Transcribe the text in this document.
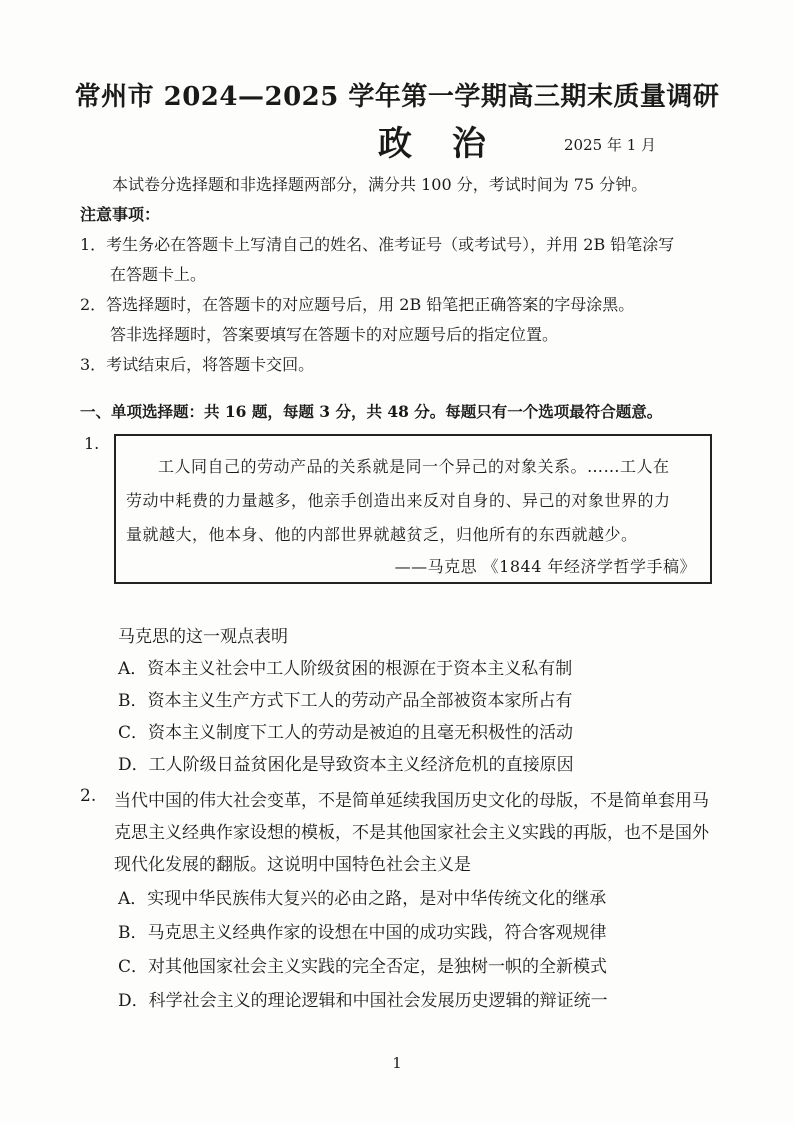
常州市 2024—2025 学年第一学期高三期末质量调研
政 治	2025 年 1 月
本试卷分选择题和非选择题两部分，满分共 100 分，考试时间为 75 分钟。
注意事项：
1．考生务必在答题卡上写清自己的姓名、准考证号（或考试号），并用 2B 铅笔涂写
在答题卡上。
2．答选择题时，在答题卡的对应题号后，用 2B 铅笔把正确答案的字母涂黑。
答非选择题时，答案要填写在答题卡的对应题号后的指定位置。
3．考试结束后，将答题卡交回。
一、单项选择题：共 16 题，每题 3 分，共 48 分。每题只有一个选项最符合题意。
1.
工人同自己的劳动产品的关系就是同一个异己的对象关系。……工人在
劳动中耗费的力量越多，他亲手创造出来反对自身的、异己的对象世界的力
量就越大，他本身、他的内部世界就越贫乏，归他所有的东西就越少。
——马克思 《1844 年经济学哲学手稿》
马克思的这一观点表明
A．资本主义社会中工人阶级贫困的根源在于资本主义私有制
B．资本主义生产方式下工人的劳动产品全部被资本家所占有
C．资本主义制度下工人的劳动是被迫的且毫无积极性的活动
D．工人阶级日益贫困化是导致资本主义经济危机的直接原因
2. 当代中国的伟大社会变革，不是简单延续我国历史文化的母版，不是简单套用马
克思主义经典作家设想的模板，不是其他国家社会主义实践的再版，也不是国外
现代化发展的翻版。这说明中国特色社会主义是
A．实现中华民族伟大复兴的必由之路，是对中华传统文化的继承
B．马克思主义经典作家的设想在中国的成功实践，符合客观规律
C．对其他国家社会主义实践的完全否定，是独树一帜的全新模式
D．科学社会主义的理论逻辑和中国社会发展历史逻辑的辩证统一
1
